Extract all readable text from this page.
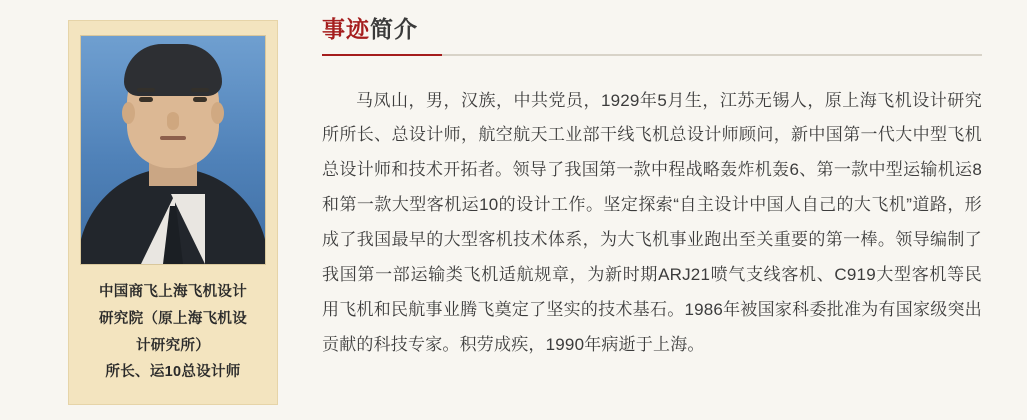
中国商飞上海飞机设计
研究院（原上海飞机设
计研究所）
所长、运10总设计师
事迹简介
马凤山，男，汉族，中共党员，1929年5月生，江苏无锡人，原上海飞机设计研究所所长、总设计师，航空航天工业部干线飞机总设计师顾问，新中国第一代大中型飞机总设计师和技术开拓者。领导了我国第一款中程战略轰炸机轰6、第一款中型运输机运8和第一款大型客机运10的设计工作。坚定探索“自主设计中国人自己的大飞机”道路，形成了我国最早的大型客机技术体系，为大飞机事业跑出至关重要的第一棒。领导编制了我国第一部运输类飞机适航规章，为新时期ARJ21喷气支线客机、C919大型客机等民用飞机和民航事业腾飞奠定了坚实的技术基石。1986年被国家科委批准为有国家级突出贡献的科技专家。积劳成疾，1990年病逝于上海。
